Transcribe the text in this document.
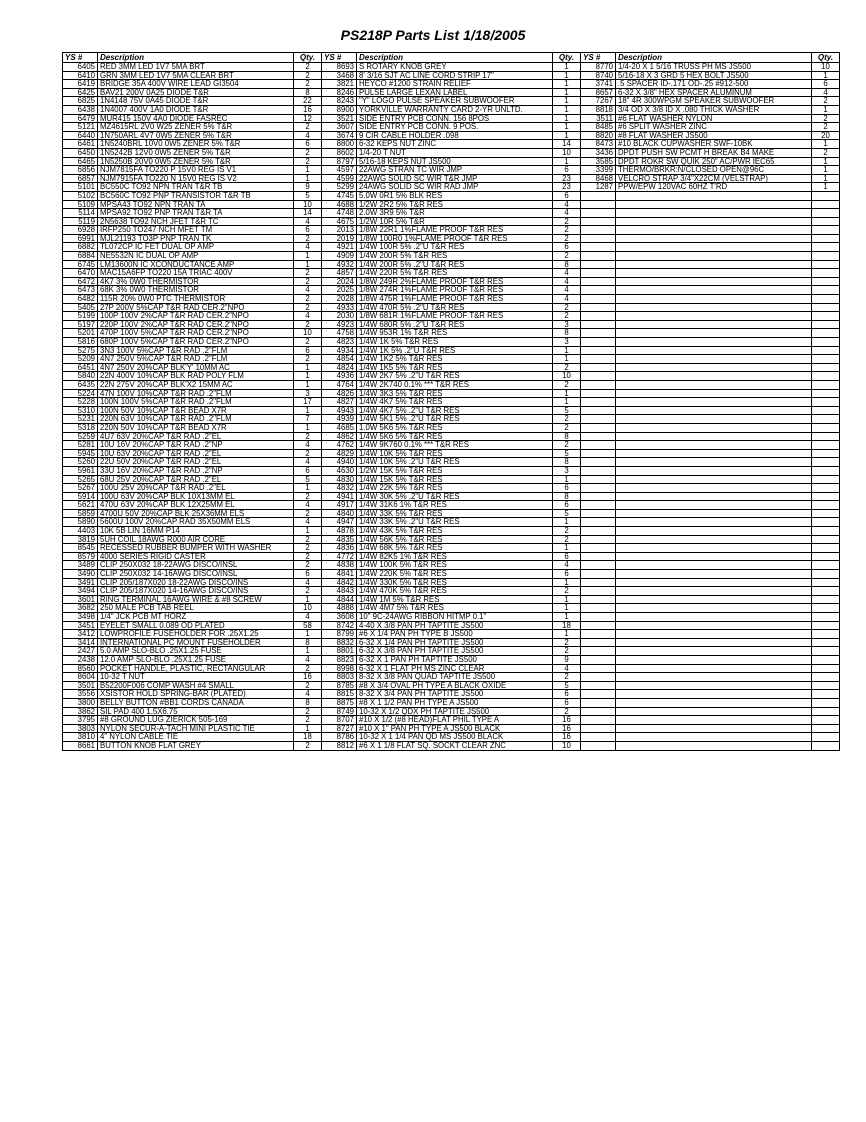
PS218P Parts List 1/18/2005
YS #	Description	Qty.	YS #	Description	Qty.	YS #	Description	Qty.
6405	RED 3MM LED 1V7 5MA BRT	2	8693	S ROTARY KNOB GREY	1	8770	1/4-20 X 1 5/16 TRUSS PH MS JS500	10
6410	GRN 3MM LED 1V7 5MA CLEAR BRT	2	3468	8' 3/16 SJT AC LINE CORD STRIP 17"	1	8740	5/16-18 X 3 GRD 5 HEX BOLT JS500	1
6419	BRIDGE 35A 400V WIRE LEAD GI3504	2	3821	HEYCO #1200 STRAIN RELIEF	1	3741	.5 SPACER ID-.171 OD-.25 #912-500	6
6425	BAV21 200V 0A25 DIODE T&R	8	8246	PULSE LARGE LEXAN LABEL	1	8657	6-32 X 3/8" HEX SPACER ALUMINUM	4
6825	1N4148 75V 0A45 DIODE T&R	22	8243	"Y" LOGO PULSE SPEAKER SUBWOOFER	1	7267	18" 4R 300WPGM SPEAKER SUBWOOFER	2
6438	1N4007 400V 1A0 DIODE T&R	16	8900	YORKVILLE WARRANTY CARD 2-YR UNLTD.	1	8818	3/4 OD X 3/8 ID X .080 THICK WASHER	1
6479	MUR415 150V 4A0 DIODE FASREC	12	3521	SIDE ENTRY PCB CONN. 156 8POS	1	3511	#6 FLAT WASHER NYLON	2
5121	MZ4615RL 2V0 W25 ZENER 5% T&R	2	3607	SIDE ENTRY PCB CONN. 9 POS.	1	8485	#6 SPLIT WASHER ZINC	2
6440	1N750ARL 4V7 0W5 ZENER 5% T&R	4	3674	9 CIR CABLE HOLDER .098	1	8820	#8 FLAT WASHER JS500	20
6461	1N5240BRL 10V0 0W5 ZENER 5% T&R	6	8800	6-32 KEPS NUT ZINC	14	8473	#10 BLACK CUPWASHER SWF-10BK	1
6450	1N5242B 12V0 0W5 ZENER 5% T&R	2	8602	1/4-20 T NUT	10	3436	DPDT PUSH SW PCMT H BREAK B4 MAKE	2
6465	1N5250B 20V0 0W5 ZENER 5% T&R	2	8797	5/16-18 KEPS NUT JS500	1	3585	DPDT ROKR SW QUIK 250" AC/PWR IEC65	1
6856	NJM7815FA TO220 P 15V0 REG IS V1	1	4597	22AWG STRAN TC WIR JMP	6	3399	THERMO/BRKR:N/CLOSED OPEN@96C	1
6857	NJM7915FA TO220 N 15V0 REG IS V2	1	4599	22AWG SOLID SC WIR T&R JMP	23	8468	VELCRO STRAP 3/4"X22CM (VELSTRAP)	1
5101	BC550C TO92 NPN TRAN T&R TB	9	5299	24AWG SOLID SC WIR RAD JMP	23	1287	PPW/EPW 120VAC 60HZ T'RD	1
5102	BC560C TO92 PNP TRANSISTOR T&R TB	5	4745	5.0W 0R1 5% BLK RES	6			
5109	MPSA43 TO92 NPN TRAN TA	10	4688	1/2W 2R2 5% T&R RES	4			
5114	MPSA92 TO92 PNP TRAN T&R TA	14	4748	2.0W 3R9 5% T&R	4			
5119	2N5638 TO92 NCH JFET T&R TC	4	4675	1/2W 10R 5% T&R	2			
6928	IRFP250 TO247 NCH MFET TM	6	2013	1/8W 22R1 1%FLAME PROOF T&R RES	2			
6991	MJL21193 TO3P PNP TRAN TK	2	2019	1/8W 100R0 1%FLAME PROOF T&R RES	2			
6882	TL072CP IC FET DUAL OP AMP	4	4921	1/4W 100R 5% .2"U T&R RES	6			
6884	NE5532N IC DUAL OP AMP	1	4909	1/4W 200R 5% T&R RES	2			
6745	LM13600N IC XCONDUCTANCE AMP	1	4932	1/4W 200R 5% .2"U T&R RES	8			
6470	MAC15A6FP TO220 15A TRIAC 400V	2	4857	1/4W 220R 5% T&R RES	4			
6472	4K7 3% 0W0 THERMISTOR	2	2024	1/8W 249R 2%FLAME PROOF T&R RES	4			
6473	68K 3% 0W0 THERMISTOR	4	2025	1/8W 274R 1%FLAME PROOF T&R RES	4			
6482	115R 20% 0W0 PTC THERMISTOR	2	2028	1/8W 475R 1%FLAME PROOF T&R RES	4			
5405	27P 200V 5%CAP T&R RAD CER.2"NPO	2	4933	1/4W 470R 5% .2"U T&R RES	2			
5199	100P 100V 2%CAP T&R RAD CER.2"NPO	4	2030	1/8W 681R 1%FLAME PROOF T&R RES	2			
5197	220P 100V 2%CAP T&R RAD CER.2"NPO	2	4923	1/4W 680R 5% .2"U T&R RES	3			
5201	470P 100V 5%CAP T&R RAD CER.2"NPO	10	4758	1/4W 953R 1% T&R RES	8			
5816	680P 100V 5%CAP T&R RAD CER.2"NPO	2	4823	1/4W 1K 5% T&R RES	3			
5275	3N3 100V 5%CAP T&R RAD .2"FLM	6	4934	1/4W 1K 5% .2"U T&R RES	1			
5209	4N7 250V 5%CAP T&R RAD .2"FLM	2	4854	1/4W 1K2 5% T&R RES	1			
6451	4N7 250V 20%CAP BLK'Y' 10MM AC	1	4824	1/4W 1K5 5% T&R RES	2			
5840	22N 400V 10%CAP BLK RAD POLY FLM	1	4936	1/4W 2K7 5% .2"U T&R RES	10			
6435	22N 275V 20%CAP BLK'X2 15MM AC	1	4764	1/4W 2K740 0.1% *** T&R RES	2			
5224	47N 100V 10%CAP T&R RAD .2"FLM	3	4826	1/4W 3K3 5% T&R RES	1			
5228	100N 100V 5%CAP T&R RAD .2"FLM	17	4827	1/4W 4K7 5% T&R RES	1			
5310	100N 50V 10%CAP T&R BEAD X7R	1	4943	1/4W 4K7 5% .2"U T&R RES	5			
5231	220N 63V 10%CAP T&R RAD .2"FLM	7	4939	1/4W 5K1 5% .2"U T&R RES	2			
5318	220N 50V 10%CAP T&R BEAD X7R	1	4685	1.0W 5K6 5% T&R RES	2			
5259	4U7 63V 20%CAP T&R RAD .2"EL	2	4862	1/4W 5K6 5% T&R RES	8			
5281	10U 16V 20%CAP T&R RAD .2"NP	4	4762	1/4W 9K760 0.1% *** T&R RES	2			
5945	10U 63V 20%CAP T&R RAD .2"EL	2	4829	1/4W 10K 5% T&R RES	5			
5260	22U 50V 20%CAP T&R RAD .2"EL	4	4940	1/4W 10K 5% .2"U T&R RES	8			
5961	33U 16V 20%CAP T&R RAD .2"NP	6	4630	1/2W 15K 5% T&R RES	3			
5265	68U 25V 20%CAP T&R RAD .2"EL	5	4830	1/4W 15K 5% T&R RES	1			
5267	100U 25V 20%CAP T&R RAD .2"EL	1	4832	1/4W 22K 5% T&R RES	6			
5914	100U 63V 20%CAP BLK 10X13MM EL	2	4941	1/4W 30K 5% .2"U T&R RES	8			
5621	470U 63V 20%CAP BLK 12X25MM EL	4	4917	1/4W 31K6 1% T&R RES	6			
5859	4700U 50V 20%CAP BLK 25X36MM ELS	2	4840	1/4W 33K 5% T&R RES	5			
5890	5600U 100V 20%CAP RAD 35X50MM ELS	4	4947	1/4W 33K 5% .2"U T&R RES	1			
4403	10K 5B LIN 16MM P14	1	4878	1/4W 43K 5% T&R RES	2			
3819	5UH COIL 18AWG R000 AIR CORE	2	4835	1/4W 56K 5% T&R RES	2			
8545	RECESSED RUBBER BUMPER WITH WASHER	2	4836	1/4W 68K 5% T&R RES	1			
8579	4000 SERIES RIGID CASTER	2	4772	1/4W 82K5 1% T&R RES	6			
3489	CLIP 250X032 18-22AWG DISCO/INSL	2	4838	1/4W 100K 5% T&R RES	4			
3490	CLIP 250X032 14-16AWG DISCO/INSL	6	4841	1/4W 220K 5% T&R RES	6			
3491	CLIP 205/187X020 18-22AWG DISCO/INS	4	4842	1/4W 330K 5% T&R RES	1			
3494	CLIP 205/187X020 14-16AWG DISCO/INS	2	4843	1/4W 470K 5% T&R RES	2			
3601	RING TERMINAL 16AWG WIRE & #8 SCREW	1	4844	1/4W 1M 5% T&R RES	1			
3682	250 MALE PCB TAB REEL	10	4888	1/4W 4M7 5% T&R RES	1			
3498	1/4" JCK PCB MT HORZ	4	3608	10" 9C-24AWG RIBBON HITMP 0.1"	1			
3451	EYELET SMALL 0.089 OD PLATED	58	8742	4-40 X 3/8 PAN PH TAPTITE JS500	18			
3412	LOWPROFILE FUSEHOLDER FOR .25X1.25	1	8799	#6 X 1/4 PAN PH TYPE B JS500	1			
3414	INTERNATIONAL PC MOUNT FUSEHOLDER	8	8832	6-32 X 1/4 PAN PH TAPTITE JS500	2			
2427	5.0 AMP SLO-BLO .25X1.25 FUSE	1	8801	6-32 X 3/8 PAN PH TAPTITE JS500	2			
2438	12.0 AMP SLO-BLO .25X1.25 FUSE	4	8823	6-32 X 1 PAN PH TAPTITE JS500	9			
8560	POCKET HANDLE, PLASTIC, RECTANGULAR	2	8998	6-32 X 1 FLAT PH MS ZINC CLEAR	4			
8604	10-32 T NUT	16	8803	8-32 X 3/8 PAN QUAD TAPTITE JS500	2			
3501	B52200F006 COMP WASH #4 SMALL	2	8785	#8 X 3/4 OVAL PH TYPE A BLACK OXIDE	5			
3556	XSISTOR HOLD SPRING-BAR (PLATED)	4	8815	8-32 X 3/4 PAN PH TAPTITE JS500	6			
3800	BELLY BUTTON #BB1 CORDS CANADA	8	8875	#8 X 1 1/2 PAN PH TYPE A JS500	6			
3862	SIL PAD 400 1.5X6.75	2	8749	10-32 X 1/2 QDX PH TAPTITE JS500	2			
3795	#8 GROUND LUG ZIERICK 505-169	2	8707	#10 X 1/2 (#8 HEAD)FLAT PHIL TYPE A	16			
3803	NYLON SECUR-A-TACH MINI PLASTIC TIE	1	8727	#10 X 1" PAN PH TYPE A JS500 BLACK	16			
3810	4" NYLON CABLE TIE	18	8786	10-32 X 1 1/4 PAN QD MS JS500 BLACK	16			
8661	BUTTON KNOB FLAT GREY	2	8812	#6 X 1 1/8 FLAT SQ. SOCKT CLEAR ZNC	10			
